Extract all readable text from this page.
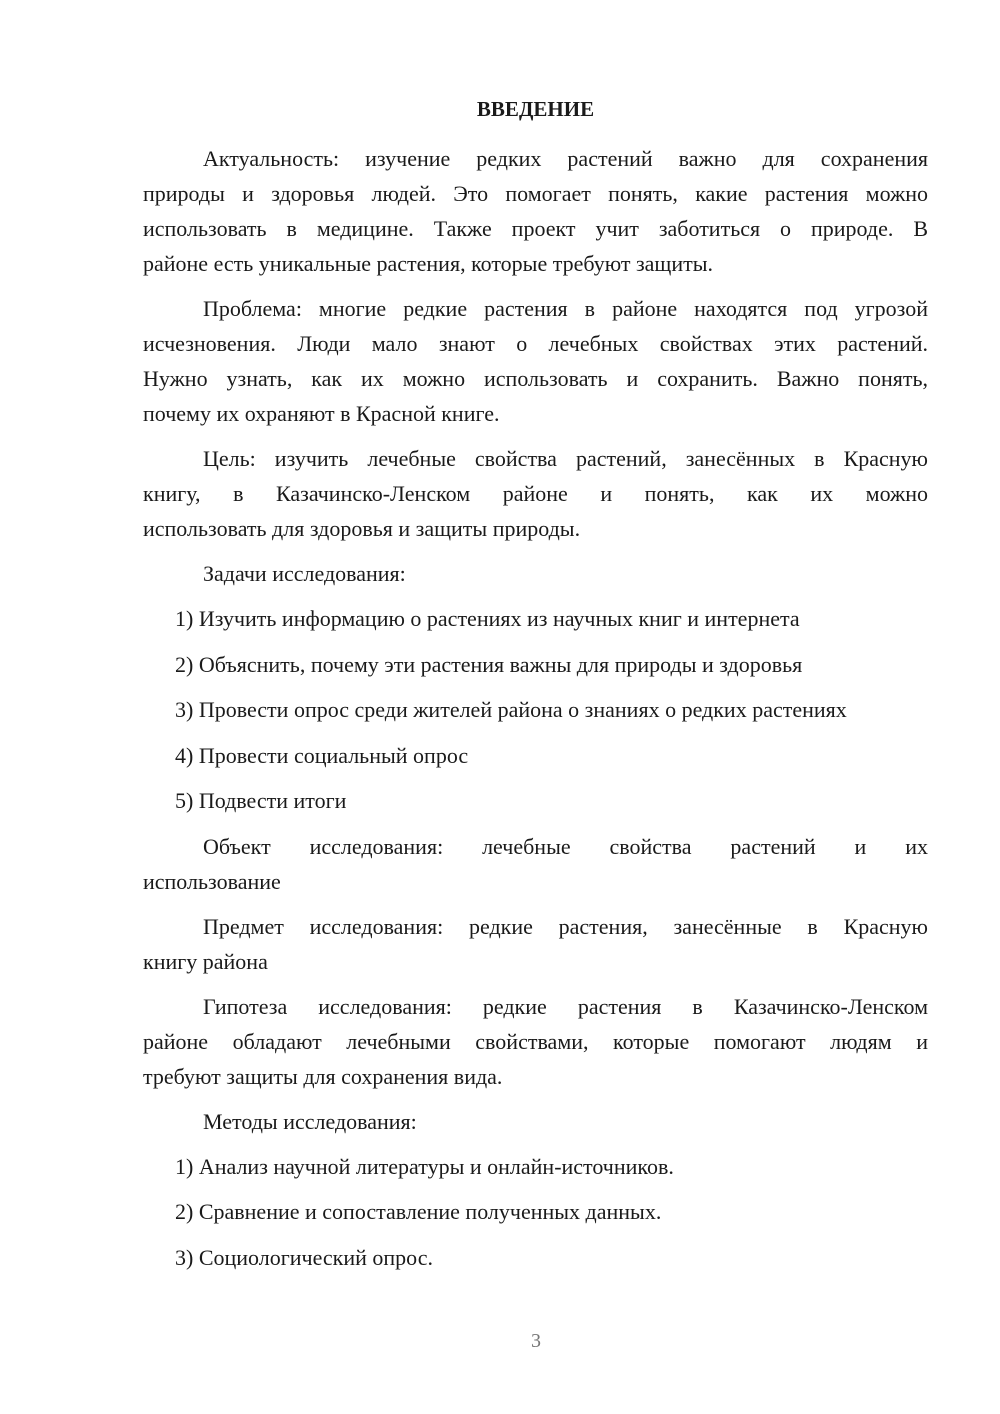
ВВЕДЕНИЕ
Актуальность: изучение редких растений важно для сохранения
природы и здоровья людей. Это помогает понять, какие растения можно
использовать в медицине. Также проект учит заботиться о природе. В
районе есть уникальные растения, которые требуют защиты.
Проблема: многие редкие растения в районе находятся под угрозой
исчезновения. Люди мало знают о лечебных свойствах этих растений.
Нужно узнать, как их можно использовать и сохранить. Важно понять,
почему их охраняют в Красной книге.
Цель: изучить лечебные свойства растений, занесённых в Красную
книгу, в Казачинско-Ленском районе и понять, как их можно
использовать для здоровья и защиты природы.
Задачи исследования:
1) Изучить информацию о растениях из научных книг и интернета
2) Объяснить, почему эти растения важны для природы и здоровья
3) Провести опрос среди жителей района о знаниях о редких растениях
4) Провести социальный опрос
5) Подвести итоги
Объект исследования: лечебные свойства растений и их
использование
Предмет исследования: редкие растения, занесённые в Красную
книгу района
Гипотеза исследования: редкие растения в Казачинско-Ленском
районе обладают лечебными свойствами, которые помогают людям и
требуют защиты для сохранения вида.
Методы исследования:
1) Анализ научной литературы и онлайн-источников.
2) Сравнение и сопоставление полученных данных.
3) Социологический опрос.
3
